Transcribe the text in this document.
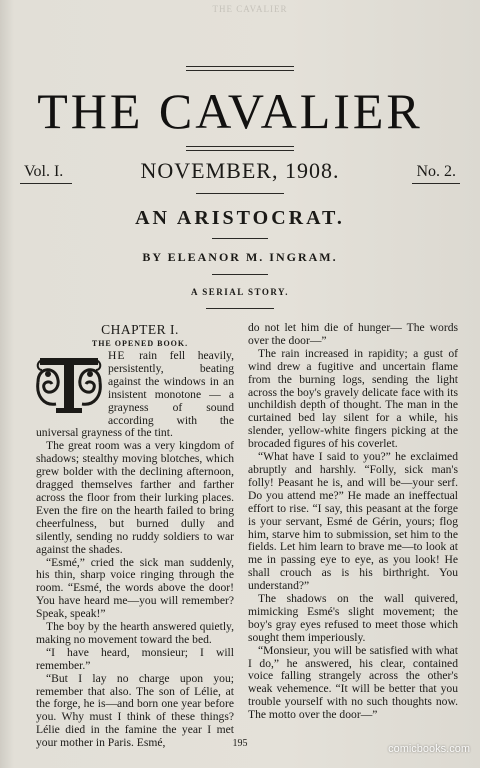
THE CAVALIER
THE CAVALIER
Vol. I.	NOVEMBER, 1908.	No. 2.
AN ARISTOCRAT.
BY ELEANOR M. INGRAM.
A SERIAL STORY.

CHAPTER I.

THE OPENED BOOK.

HE rain fell heavily, persistently, beating against the windows in an insistent monotone — a grayness of sound according with the universal grayness of the tint.

The great room was a very kingdom of shadows; stealthy moving blotches, which grew bolder with the declining afternoon, dragged themselves farther and farther across the floor from their lurking places. Even the fire on the hearth failed to bring cheerfulness, but burned dully and silently, sending no ruddy soldiers to war against the shades.

“Esmé,” cried the sick man suddenly, his thin, sharp voice ringing through the room. “Esmé, the words above the door! You have heard me—you will remember? Speak, speak!”

The boy by the hearth answered quietly, making no movement toward the bed.

“I have heard, monsieur; I will remember.”

“But I lay no charge upon you; remember that also. The son of Lélie, at the forge, he is—and born one year before you. Why must I think of these things? Lélie died in the famine the year I met your mother in Paris. Esmé,

do not let him die of hunger— The words over the door—”

The rain increased in rapidity; a gust of wind drew a fugitive and uncertain flame from the burning logs, sending the light across the boy's gravely delicate face with its unchildish depth of thought. The man in the curtained bed lay silent for a while, his slender, yellow-white fingers picking at the brocaded figures of his coverlet.

“What have I said to you?” he exclaimed abruptly and harshly. “Folly, sick man's folly! Peasant he is, and will be—your serf. Do you attend me?” He made an ineffectual effort to rise. “I say, this peasant at the forge is your servant, Esmé de Gérin, yours; flog him, starve him to submission, set him to the fields. Let him learn to brave me—to look at me in passing eye to eye, as you look! He shall crouch as is his birthright. You understand?”

The shadows on the wall quivered, mimicking Esmé's slight movement; the boy's gray eyes refused to meet those which sought them imperiously.

“Monsieur, you will be satisfied with what I do,” he answered, his clear, contained voice falling strangely across the other's weak vehemence. “It will be better that you trouble yourself with no such thoughts now. The motto over the door—”

195	comicbooks.com
